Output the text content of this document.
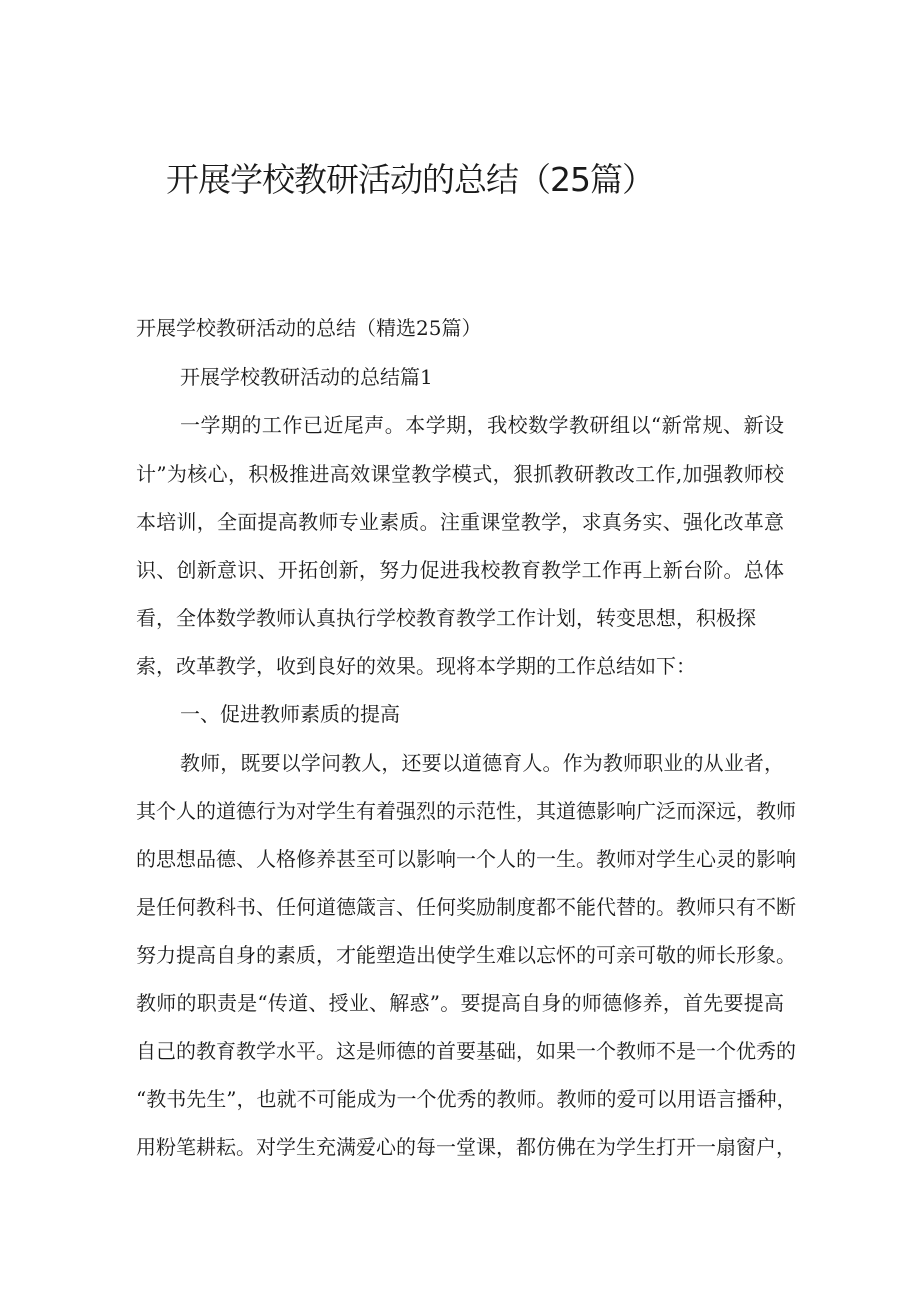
开展学校教研活动的总结（25篇）

开展学校教研活动的总结（精选25篇）

开展学校教研活动的总结篇1

一学期的工作已近尾声。本学期，我校数学教研组以“新常规、新设

计”为核心，积极推进高效课堂教学模式，狠抓教研教改工作,加强教师校

本培训，全面提高教师专业素质。注重课堂教学，求真务实、强化改革意

识、创新意识、开拓创新，努力促进我校教育教学工作再上新台阶。总体

看，全体数学教师认真执行学校教育教学工作计划，转变思想，积极探

索，改革教学，收到良好的效果。现将本学期的工作总结如下：

一、促进教师素质的提高

教师，既要以学问教人，还要以道德育人。作为教师职业的从业者，

其个人的道德行为对学生有着强烈的示范性，其道德影响广泛而深远，教师

的思想品德、人格修养甚至可以影响一个人的一生。教师对学生心灵的影响

是任何教科书、任何道德箴言、任何奖励制度都不能代替的。教师只有不断

努力提高自身的素质，才能塑造出使学生难以忘怀的可亲可敬的师长形象。

教师的职责是“传道、授业、解惑”。要提高自身的师德修养，首先要提高

自己的教育教学水平。这是师德的首要基础，如果一个教师不是一个优秀的

“教书先生”，也就不可能成为一个优秀的教师。教师的爱可以用语言播种，

用粉笔耕耘。对学生充满爱心的每一堂课，都仿佛在为学生打开一扇窗户，
